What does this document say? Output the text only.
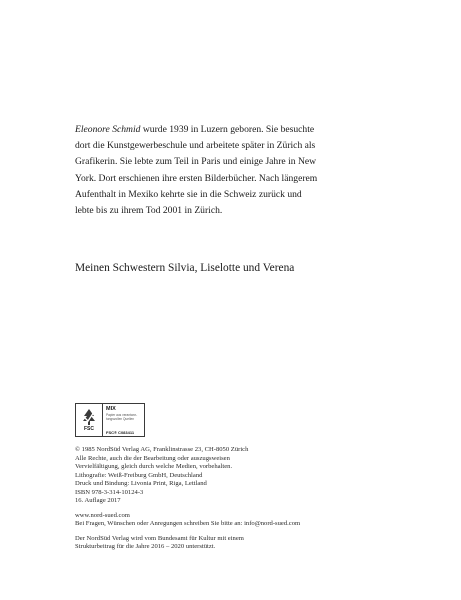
Eleonore Schmid wurde 1939 in Luzern geboren. Sie besuchte
dort die Kunstgewerbeschule und arbeitete später in Zürich als
Grafikerin. Sie lebte zum Teil in Paris und einige Jahre in New
York. Dort erschienen ihre ersten Bilderbücher. Nach längerem
Aufenthalt in Mexiko kehrte sie in die Schweiz zurück und
lebte bis zu ihrem Tod 2001 in Zürich.

Meinen Schwestern Silvia, Liselotte und Verena

FSC
MIX
Papier aus verantwor-
tungsvollen Quellen
FSC® C083411
© 1985 NordSüd Verlag AG, Franklinstrasse 23, CH-8050 Zürich
Alle Rechte, auch die der Bearbeitung oder auszugsweisen
Vervielfältigung, gleich durch welche Medien, vorbehalten.
Lithografie: Weiß-Freiburg GmbH, Deutschland
Druck und Bindung: Livonia Print, Riga, Lettland
ISBN 978-3-314-10124-3
16. Auflage 2017
www.nord-sued.com
Bei Fragen, Wünschen oder Anregungen schreiben Sie bitte an: info@nord-sued.com
Der NordSüd Verlag wird vom Bundesamt für Kultur mit einem
Strukturbeitrag für die Jahre 2016 – 2020 unterstützt.
